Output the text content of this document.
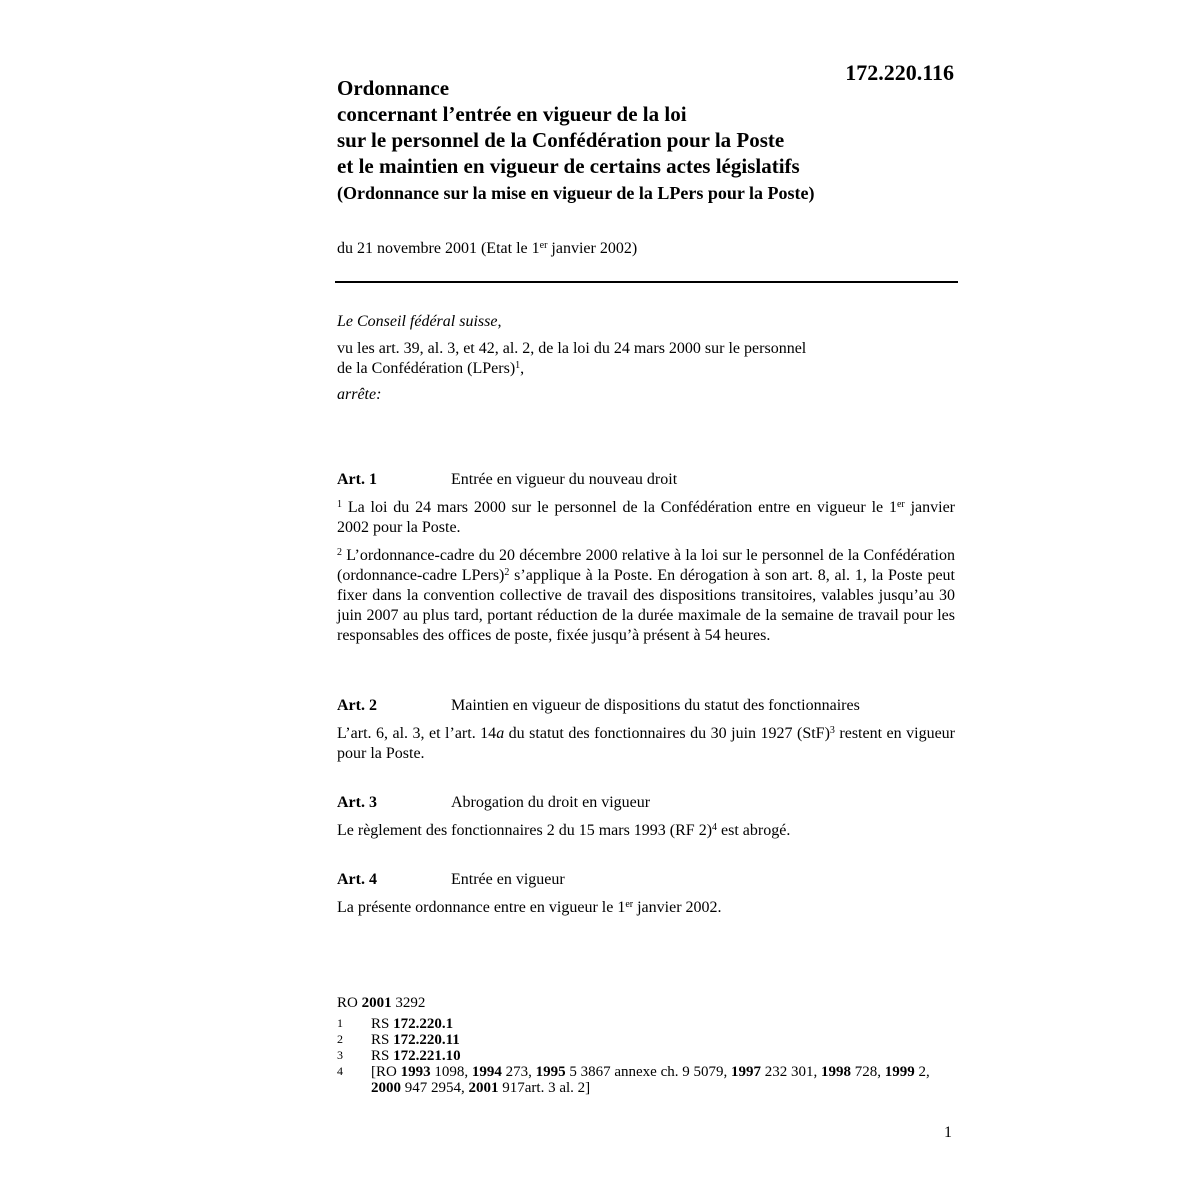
172.220.116
Ordonnance
concernant l’entrée en vigueur de la loi
sur le personnel de la Confédération pour la Poste
et le maintien en vigueur de certains actes législatifs
(Ordonnance sur la mise en vigueur de la LPers pour la Poste)
du 21 novembre 2001 (Etat le 1er janvier 2002)

Le Conseil fédéral suisse,

vu les art. 39, al. 3, et 42, al. 2, de la loi du 24 mars 2000 sur le personnel

de la Confédération (LPers)$^1$,

arrête:

Art. 1	Entrée en vigueur du nouveau droit

$^1$ La loi du 24 mars 2000 sur le personnel de la Confédération entre en vigueur le 1er janvier 2002 pour la Poste.

$^2$ L’ordonnance-cadre du 20 décembre 2000 relative à la loi sur le personnel de la Confédération (ordonnance-cadre LPers)$^2$ s’applique à la Poste. En dérogation à son art. 8, al. 1, la Poste peut fixer dans la convention collective de travail des dispositions transitoires, valables jusqu’au 30 juin 2007 au plus tard, portant réduction de la durée maximale de la semaine de travail pour les responsables des offices de poste, fixée jusqu’à présent à 54 heures.

Art. 2	Maintien en vigueur de dispositions du statut des fonctionnaires

L’art. 6, al. 3, et l’art. 14a du statut des fonctionnaires du 30 juin 1927 (StF)$^3$ restent en vigueur pour la Poste.

Art. 3	Abrogation du droit en vigueur

Le règlement des fonctionnaires 2 du 15 mars 1993 (RF 2)$^4$ est abrogé.

Art. 4	Entrée en vigueur

La présente ordonnance entre en vigueur le 1er janvier 2002.

RO 2001 3292
1	RS 172.220.1
2	RS 172.220.11
3	RS 172.221.10
4	[RO 1993 1098, 1994 273, 1995 5 3867 annexe ch. 9 5079, 1997 232 301, 1998 728, 1999 2, 2000 947 2954, 2001 917art. 3 al. 2]
1
